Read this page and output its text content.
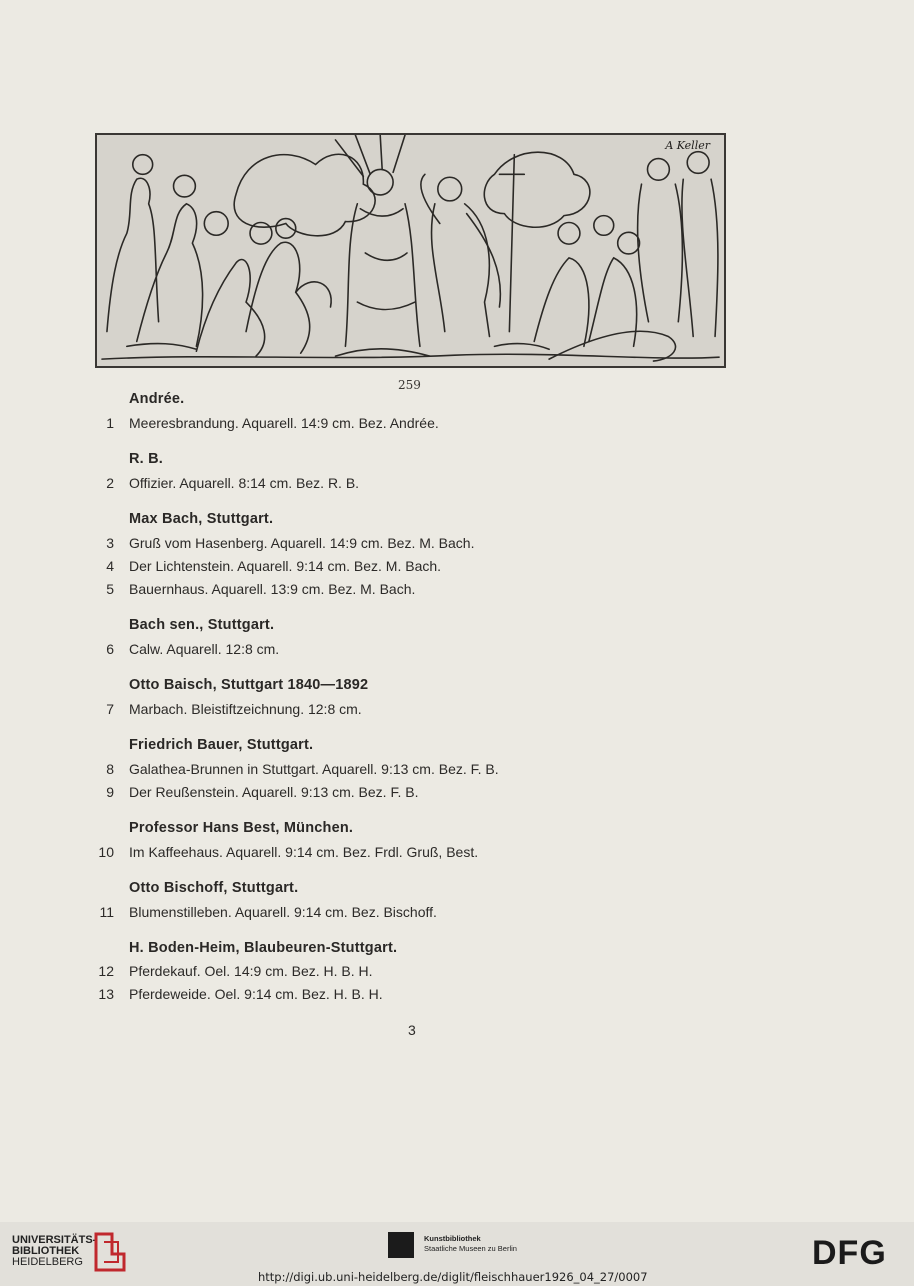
A Keller
259
Andrée.
1 Meeresbrandung. Aquarell. 14:9 cm. Bez. Andrée.
R. B.
2 Offizier. Aquarell. 8:14 cm. Bez. R. B.
Max Bach, Stuttgart.
3 Gruß vom Hasenberg. Aquarell. 14:9 cm. Bez. M. Bach.
4 Der Lichtenstein. Aquarell. 9:14 cm. Bez. M. Bach.
5 Bauernhaus. Aquarell. 13:9 cm. Bez. M. Bach.
Bach sen., Stuttgart.
6 Calw. Aquarell. 12:8 cm.
Otto Baisch, Stuttgart 1840—1892
7 Marbach. Bleistiftzeichnung. 12:8 cm.
Friedrich Bauer, Stuttgart.
8 Galathea-Brunnen in Stuttgart. Aquarell. 9:13 cm. Bez. F. B.
9 Der Reußenstein. Aquarell. 9:13 cm. Bez. F. B.
Professor Hans Best, München.
10 Im Kaffeehaus. Aquarell. 9:14 cm. Bez. Frdl. Gruß, Best.
Otto Bischoff, Stuttgart.
11 Blumenstilleben. Aquarell. 9:14 cm. Bez. Bischoff.
H. Boden-Heim, Blaubeuren-Stuttgart.
12 Pferdekauf. Oel. 14:9 cm. Bez. H. B. H.
13 Pferdeweide. Oel. 9:14 cm. Bez. H. B. H.
3
UNIVERSITÄTS-
BIBLIOTHEK
HEIDELBERG
Kunstbibliothek
Staatliche Museen zu Berlin	DFG
http://digi.ub.uni-heidelberg.de/diglit/fleischhauer1926_04_27/0007
